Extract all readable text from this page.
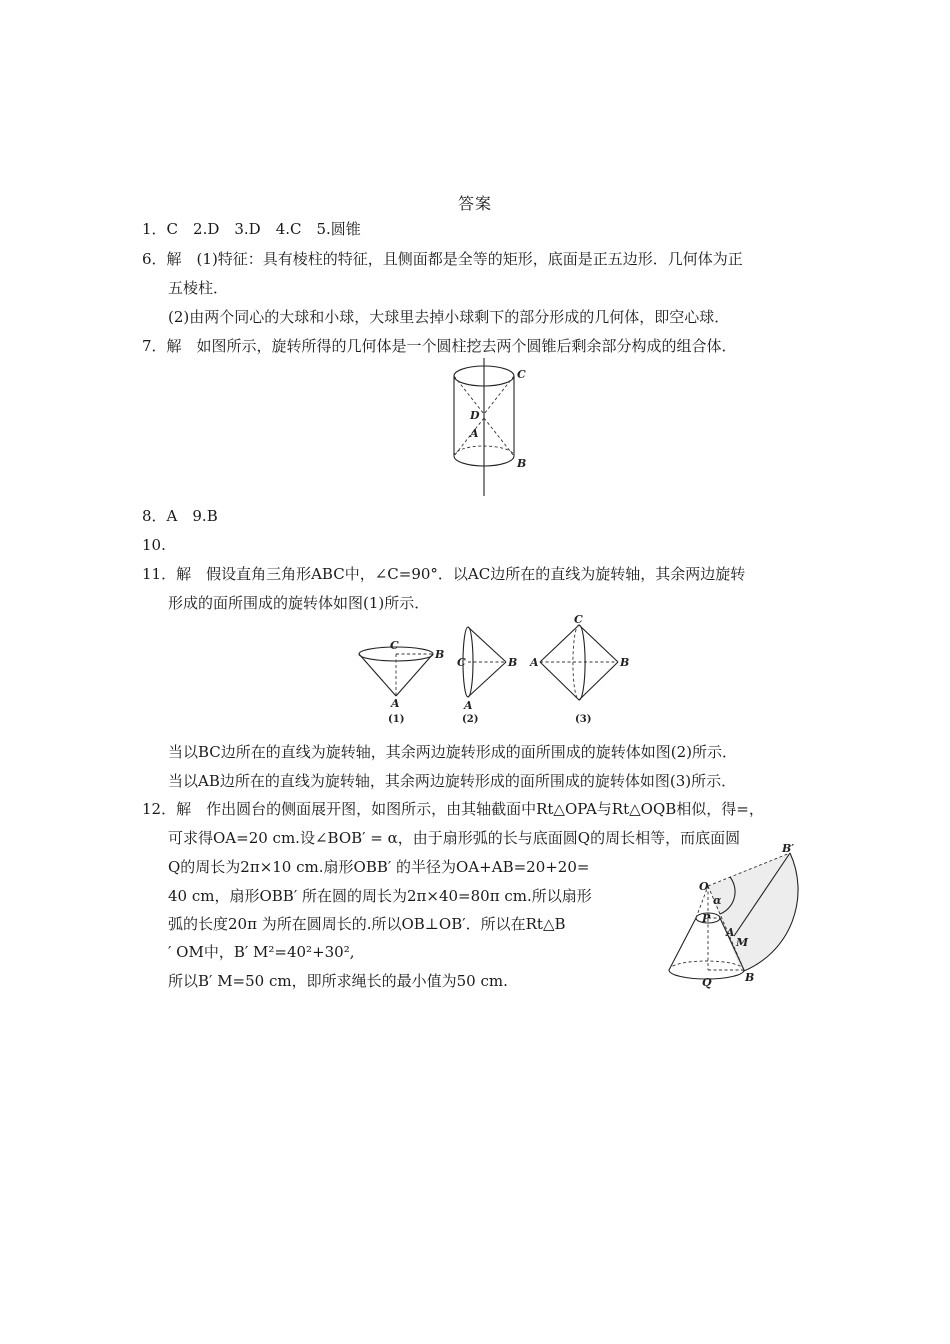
答案
1．C　2.D　3.D　4.C　5.圆锥
6．解　(1)特征：具有棱柱的特征，且侧面都是全等的矩形，底面是正五边形．几何体为正
五棱柱．
(2)由两个同心的大球和小球，大球里去掉小球剩下的部分形成的几何体，即空心球．
7．解　如图所示，旋转所得的几何体是一个圆柱挖去两个圆锥后剩余部分构成的组合体．
C
D
A
B
8．A　9.B
10.
11．解　假设直角三角形ABC中，∠C=90°．以AC边所在的直线为旋转轴，其余两边旋转
形成的面所围成的旋转体如图(1)所示．
C
B
A
(1)
C	B
A
(2)
C
A	B
(3)
当以BC边所在的直线为旋转轴，其余两边旋转形成的面所围成的旋转体如图(2)所示．
当以AB边所在的直线为旋转轴，其余两边旋转形成的面所围成的旋转体如图(3)所示．
12．解　作出圆台的侧面展开图，如图所示，由其轴截面中Rt△OPA与Rt△OQB相似，得=，
可求得OA=20 cm.设∠BOB′ = α，由于扇形弧的长与底面圆Q的周长相等，而底面圆
Q的周长为2π×10 cm.扇形OBB′ 的半径为OA+AB=20+20=
40 cm，扇形OBB′ 所在圆的周长为2π×40=80π cm.所以扇形
弧的长度20π 为所在圆周长的.所以OB⊥OB′．所以在Rt△B
′ OM中，B′ M²=40²+30²,
所以B′ M=50 cm，即所求绳长的最小值为50 cm.
O
α
P
A
M
Q	B
B′
